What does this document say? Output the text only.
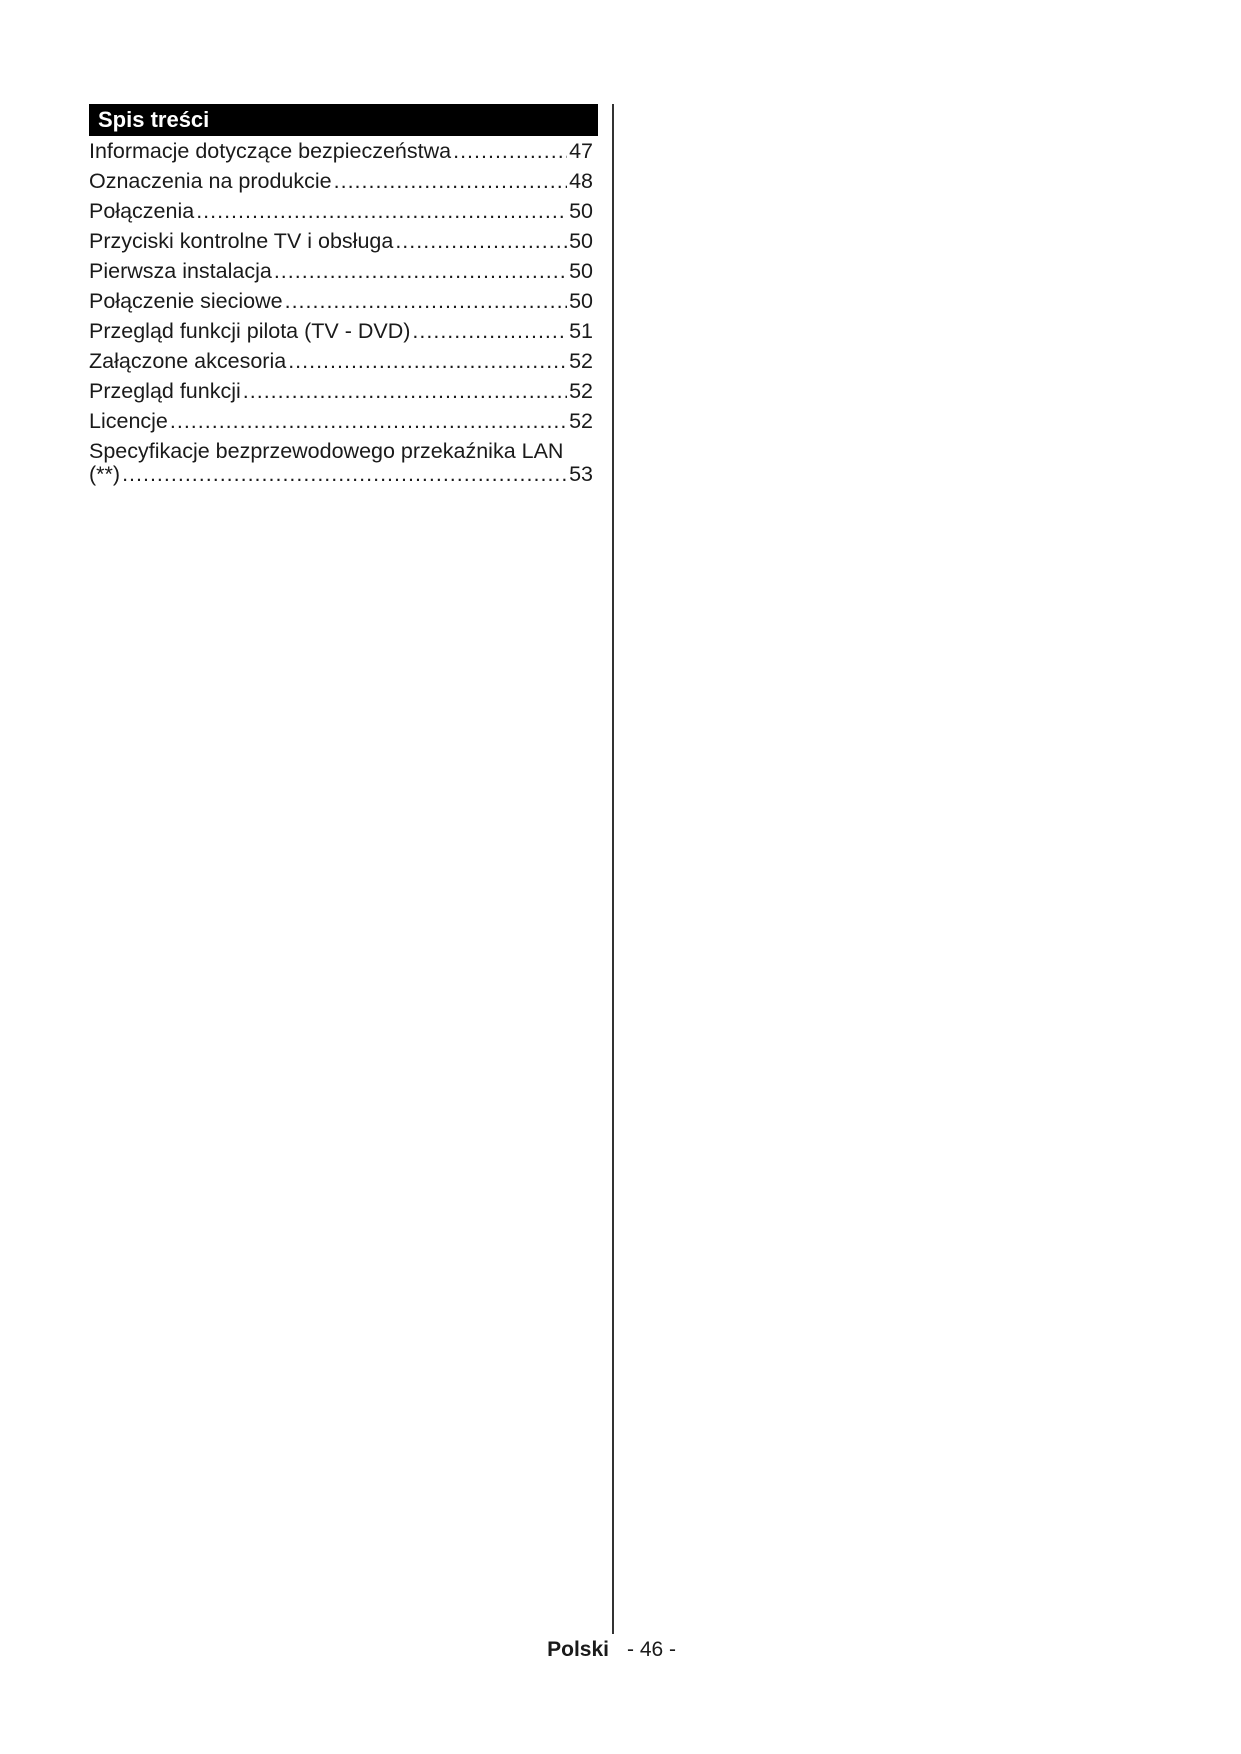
Spis treści
Informacje dotyczące bezpieczeństwa .....	47
Oznaczenia na produkcie .....	48
Połączenia .....	50
Przyciski kontrolne TV i obsługa .....	50
Pierwsza instalacja .....	50
Połączenie sieciowe .....	50
Przegląd funkcji pilota (TV - DVD) .....	51
Załączone akcesoria .....	52
Przegląd funkcji .....	52
Licencje .....	52
Specyfikacje bezprzewodowego przekaźnika LAN
(**) .....	53
Polski - 46 -
